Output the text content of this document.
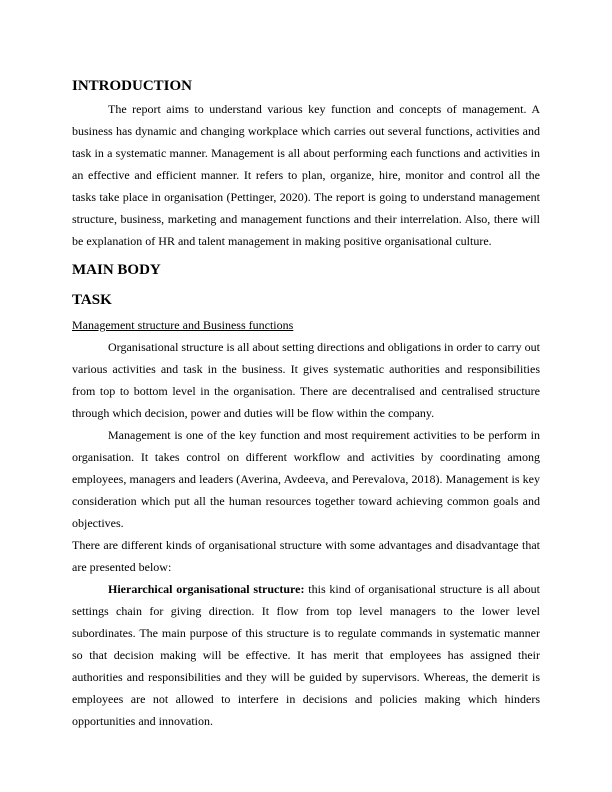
INTRODUCTION

The report aims to understand various key function and concepts of management. A business has dynamic and changing workplace which carries out several functions, activities and task in a systematic manner. Management is all about performing each functions and activities in an effective and efficient manner. It refers to plan, organize, hire, monitor and control all the tasks take place in organisation (Pettinger, 2020). The report is going to understand management structure, business, marketing and management functions and their interrelation. Also, there will be explanation of HR and talent management in making positive organisational culture.

MAIN BODY
TASK
Management structure and Business functions

Organisational structure is all about setting directions and obligations in order to carry out various activities and task in the business. It gives systematic authorities and responsibilities from top to bottom level in the organisation. There are decentralised and centralised structure through which decision, power and duties will be flow within the company.

Management is one of the key function and most requirement activities to be perform in organisation. It takes control on different workflow and activities by coordinating among employees, managers and leaders (Averina, Avdeeva, and Perevalova, 2018). Management is key consideration which put all the human resources together toward achieving common goals and objectives.

There are different kinds of organisational structure with some advantages and disadvantage that are presented below:

Hierarchical organisational structure: this kind of organisational structure is all about settings chain for giving direction. It flow from top level managers to the lower level subordinates. The main purpose of this structure is to regulate commands in systematic manner so that decision making will be effective. It has merit that employees has assigned their authorities and responsibilities and they will be guided by supervisors. Whereas, the demerit is employees are not allowed to interfere in decisions and policies making which hinders opportunities and innovation.
